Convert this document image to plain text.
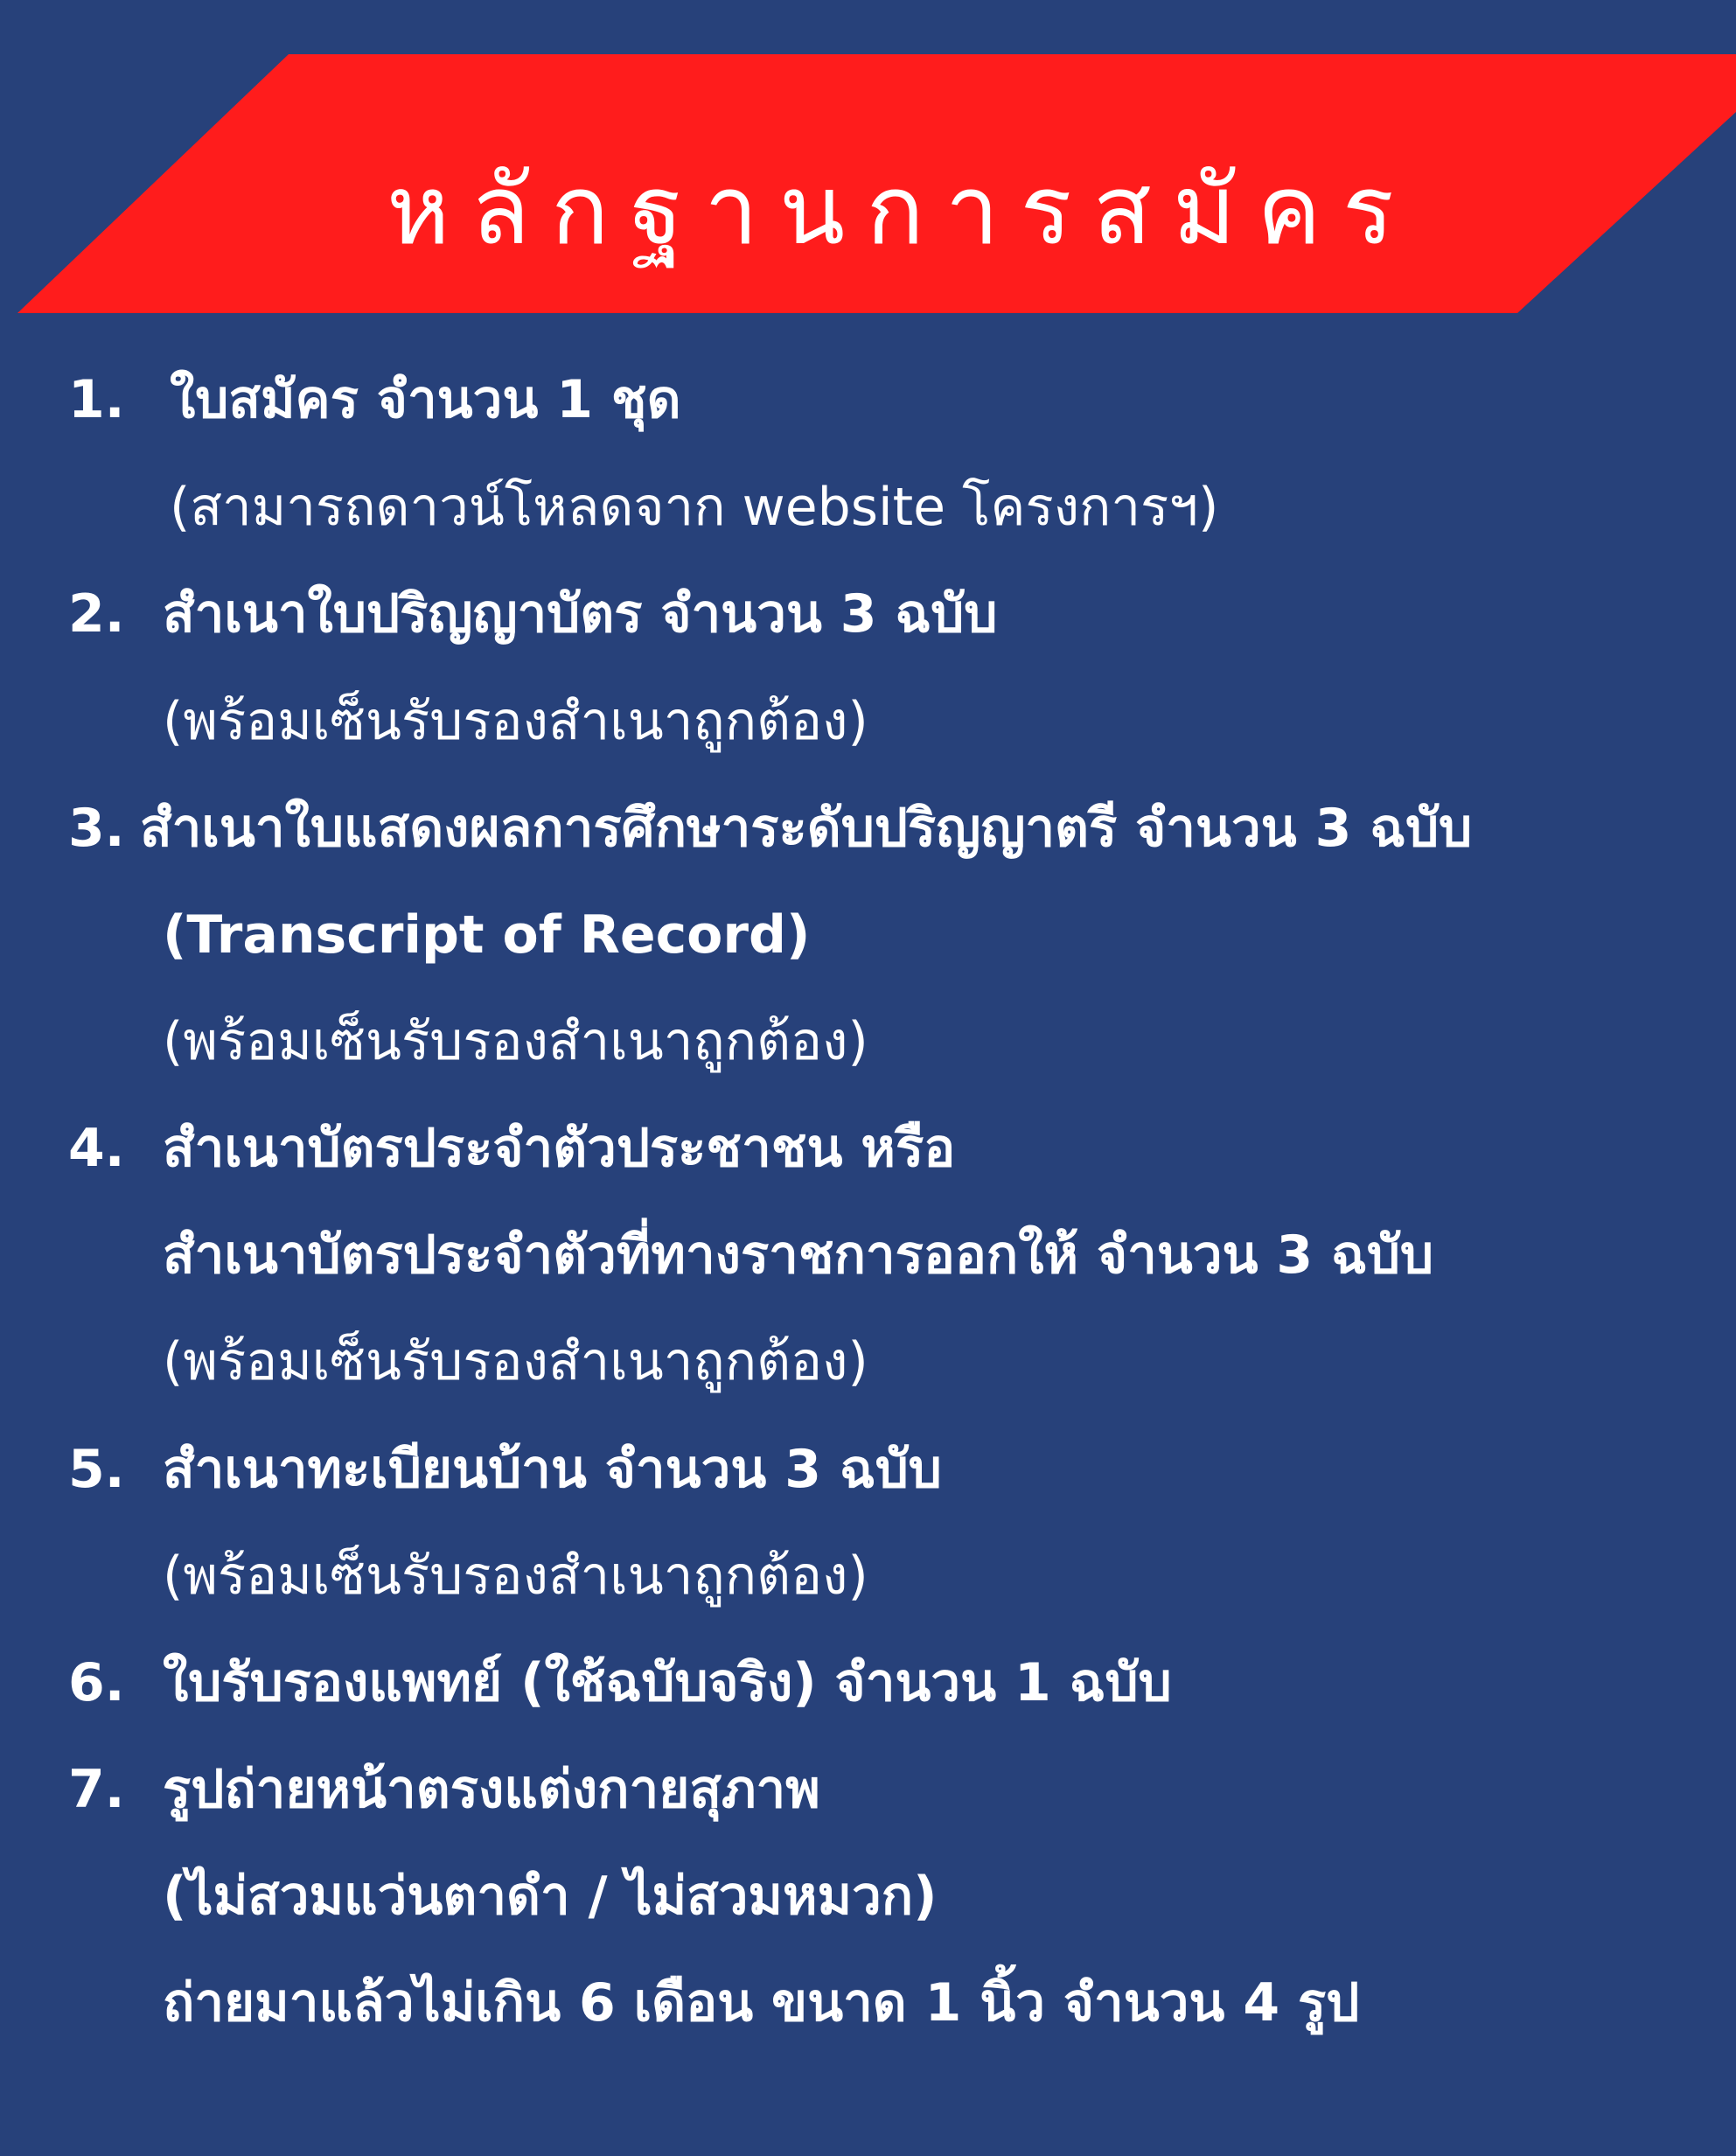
หลักฐานการสมัคร
1. ใบสมัคร จำนวน 1 ชุด
(สามารถดาวน์โหลดจาก website โครงการฯ)
2. สำเนาใบปริญญาบัตร จำนวน 3 ฉบับ
(พร้อมเซ็นรับรองสำเนาถูกต้อง)
3. สำเนาใบแสดงผลการศึกษาระดับปริญญาตรี จำนวน 3 ฉบับ
(Transcript of Record)
(พร้อมเซ็นรับรองสำเนาถูกต้อง)
4. สำเนาบัตรประจำตัวประชาชน หรือ
สำเนาบัตรประจำตัวที่ทางราชการออกให้ จำนวน 3 ฉบับ
(พร้อมเซ็นรับรองสำเนาถูกต้อง)
5. สำเนาทะเบียนบ้าน จำนวน 3 ฉบับ
(พร้อมเซ็นรับรองสำเนาถูกต้อง)
6. ใบรับรองแพทย์ (ใช้ฉบับจริง) จำนวน 1 ฉบับ
7. รูปถ่ายหน้าตรงแต่งกายสุภาพ
(ไม่สวมแว่นตาดำ / ไม่สวมหมวก)
ถ่ายมาแล้วไม่เกิน 6 เดือน ขนาด 1 นิ้ว จำนวน 4 รูป
